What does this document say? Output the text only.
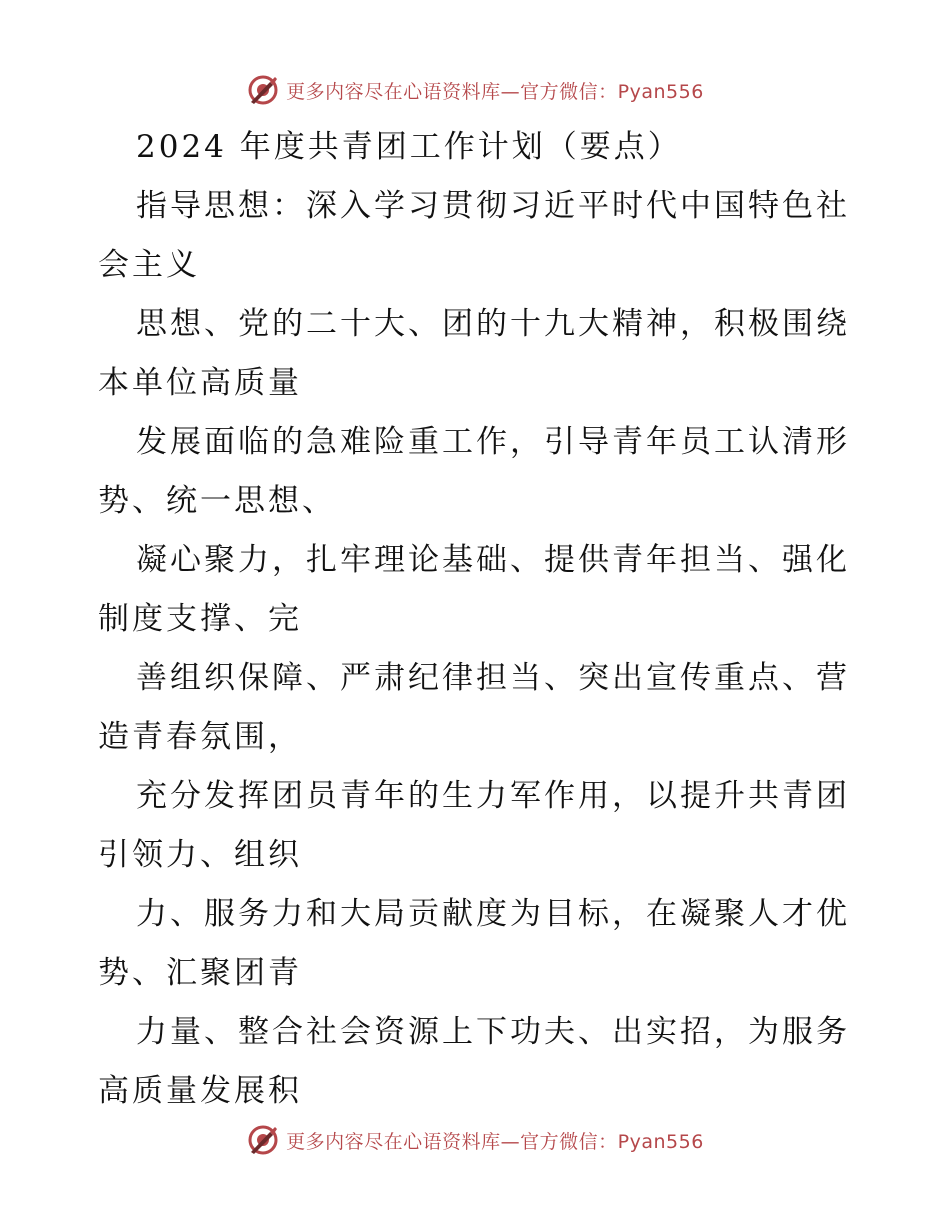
更多内容尽在心语资料库—官方微信：Pyan556
2024 年度共青团工作计划（要点）
指导思想：深入学习贯彻习近平时代中国特色社
会主义
思想、党的二十大、团的十九大精神，积极围绕
本单位高质量
发展面临的急难险重工作，引导青年员工认清形
势、统一思想、
凝心聚力，扎牢理论基础、提供青年担当、强化
制度支撑、完
善组织保障、严肃纪律担当、突出宣传重点、营
造青春氛围，
充分发挥团员青年的生力军作用，以提升共青团
引领力、组织
力、服务力和大局贡献度为目标，在凝聚人才优
势、汇聚团青
力量、整合社会资源上下功夫、出实招，为服务
高质量发展积
更多内容尽在心语资料库—官方微信：Pyan556
